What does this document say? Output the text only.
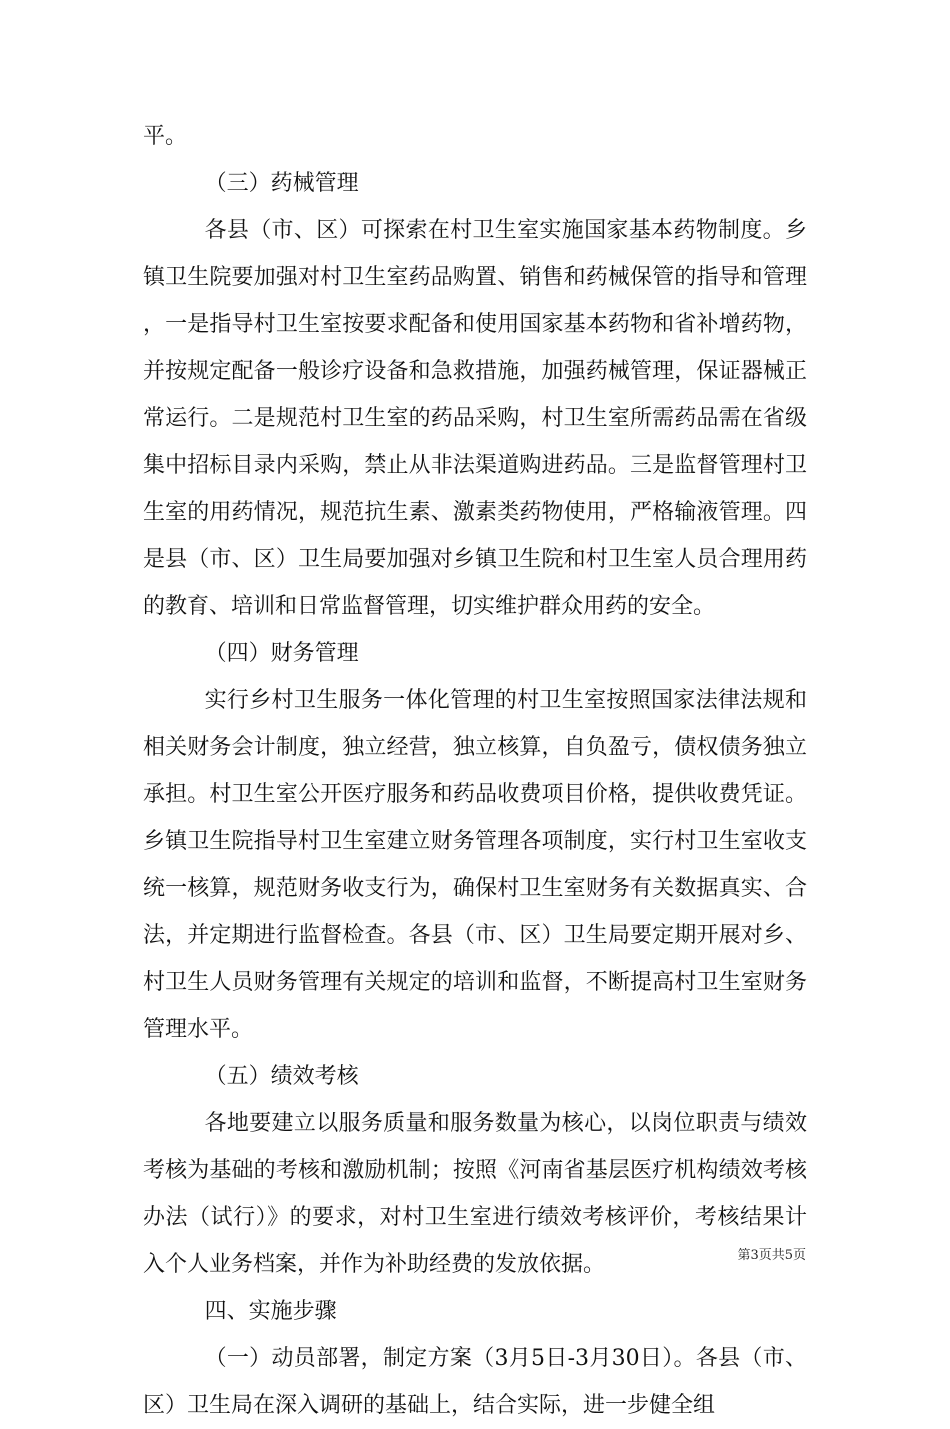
平。

（三）药械管理

各县（市、区）可探索在村卫生室实施国家基本药物制度。乡镇卫生院要加强对村卫生室药品购置、销售和药械保管的指导和管理，一是指导村卫生室按要求配备和使用国家基本药物和省补增药物，并按规定配备一般诊疗设备和急救措施，加强药械管理，保证器械正常运行。二是规范村卫生室的药品采购，村卫生室所需药品需在省级集中招标目录内采购，禁止从非法渠道购进药品。三是监督管理村卫生室的用药情况，规范抗生素、激素类药物使用，严格输液管理。四是县（市、区）卫生局要加强对乡镇卫生院和村卫生室人员合理用药的教育、培训和日常监督管理，切实维护群众用药的安全。

（四）财务管理

实行乡村卫生服务一体化管理的村卫生室按照国家法律法规和相关财务会计制度，独立经营，独立核算，自负盈亏，债权债务独立承担。村卫生室公开医疗服务和药品收费项目价格，提供收费凭证。乡镇卫生院指导村卫生室建立财务管理各项制度，实行村卫生室收支统一核算，规范财务收支行为，确保村卫生室财务有关数据真实、合法，并定期进行监督检查。各县（市、区）卫生局要定期开展对乡、村卫生人员财务管理有关规定的培训和监督，不断提高村卫生室财务管理水平。

（五）绩效考核

各地要建立以服务质量和服务数量为核心，以岗位职责与绩效考核为基础的考核和激励机制；按照《河南省基层医疗机构绩效考核办法（试行）》的要求，对村卫生室进行绩效考核评价，考核结果计入个人业务档案，并作为补助经费的发放依据。

四、实施步骤

（一）动员部署，制定方案（3月5日-3月30日）。各县（市、区）卫生局在深入调研的基础上，结合实际，进一步健全组

第3页共5页
